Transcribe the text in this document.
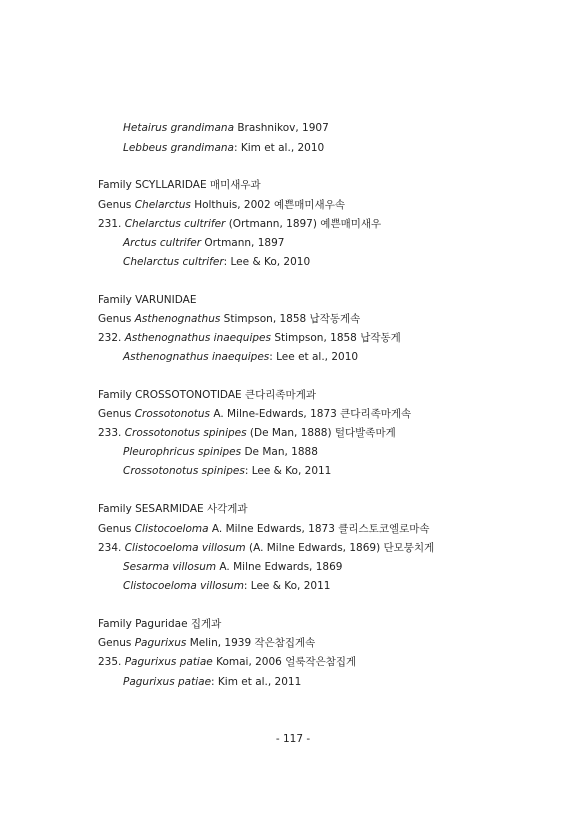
Hetairus grandimana Brashnikov, 1907
Lebbeus grandimana: Kim et al., 2010
Family SCYLLARIDAE 매미새우과
Genus Chelarctus Holthuis, 2002 예쁜매미새우속
231. Chelarctus cultrifer (Ortmann, 1897) 예쁜매미새우
Arctus cultrifer Ortmann, 1897
Chelarctus cultrifer: Lee & Ko, 2010
Family VARUNIDAE
Genus Asthenognathus Stimpson, 1858 납작동게속
232. Asthenognathus inaequipes Stimpson, 1858 납작동게
Asthenognathus inaequipes: Lee et al., 2010
Family CROSSOTONOTIDAE 큰다리족마게과
Genus Crossotonotus A. Milne-Edwards, 1873 큰다리족마게속
233. Crossotonotus spinipes (De Man, 1888) 털다발족마게
Pleurophricus spinipes De Man, 1888
Crossotonotus spinipes: Lee & Ko, 2011
Family SESARMIDAE 사각게과
Genus Clistocoeloma A. Milne Edwards, 1873 클리스토코엘로마속
234. Clistocoeloma villosum (A. Milne Edwards, 1869) 단모뭉치게
Sesarma villosum A. Milne Edwards, 1869
Clistocoeloma villosum: Lee & Ko, 2011
Family Paguridae 집게과
Genus Pagurixus Melin, 1939 작은참집게속
235. Pagurixus patiae Komai, 2006 얼룩작은참집게
Pagurixus patiae: Kim et al., 2011
- 117 -
